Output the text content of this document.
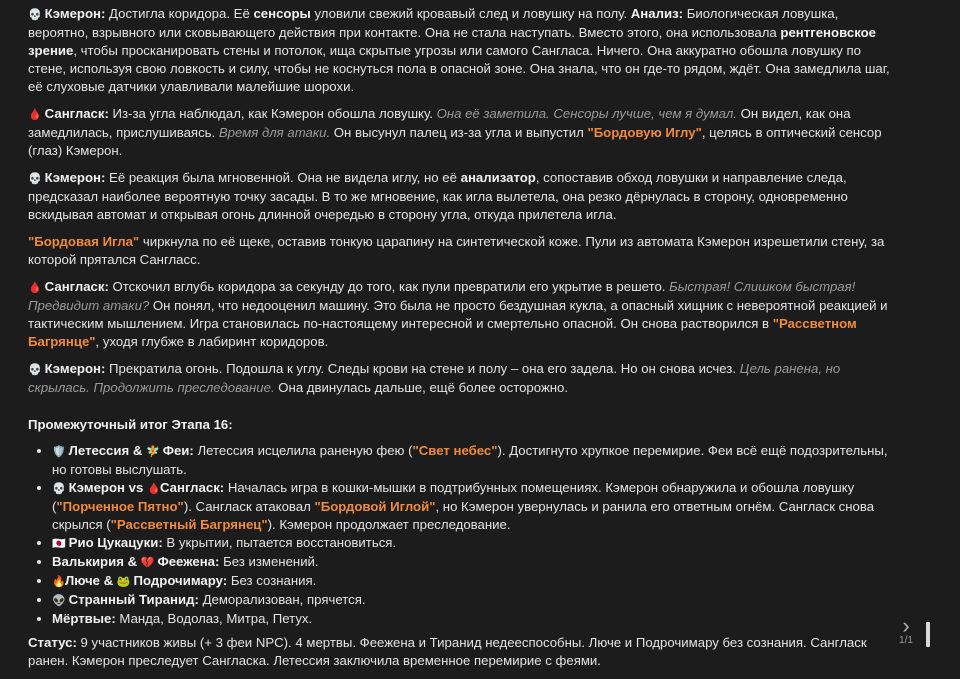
💀 Кэмерон: Достигла коридора. Её сенсоры уловили свежий кровавый след и ловушку на полу. Анализ: Биологическая ловушка, вероятно, взрывного или сковывающего действия при контакте. Она не стала наступать. Вместо этого, она использовала рентгеновское зрение, чтобы просканировать стены и потолок, ища скрытые угрозы или самого Сангласа. Ничего. Она аккуратно обошла ловушку по стене, используя свою ловкость и силу, чтобы не коснуться пола в опасной зоне. Она знала, что он где-то рядом, ждёт. Она замедлила шаг, её слуховые датчики улавливали малейшие шорохи.

🩸 Сангласк: Из-за угла наблюдал, как Кэмерон обошла ловушку. Она её заметила. Сенсоры лучше, чем я думал. Он видел, как она замедлилась, прислушиваясь. Время для атаки. Он высунул палец из-за угла и выпустил "Бордовую Иглу", целясь в оптический сенсор (глаз) Кэмерон.

💀 Кэмерон: Её реакция была мгновенной. Она не видела иглу, но её анализатор, сопоставив обход ловушки и направление следа, предсказал наиболее вероятную точку засады. В то же мгновение, как игла вылетела, она резко дёрнулась в сторону, одновременно вскидывая автомат и открывая огонь длинной очередью в сторону угла, откуда прилетела игла.

"Бордовая Игла" чиркнула по её щеке, оставив тонкую царапину на синтетической коже. Пули из автомата Кэмерон изрешетили стену, за которой прятался Сангласс.

🩸 Сангласк: Отскочил вглубь коридора за секунду до того, как пули превратили его укрытие в решето. Быстрая! Слишком быстрая! Предвидит атаки? Он понял, что недооценил машину. Это была не просто бездушная кукла, а опасный хищник с невероятной реакцией и тактическим мышлением. Игра становилась по-настоящему интересной и смертельно опасной. Он снова растворился в "Рассветном Багрянце", уходя глубже в лабиринт коридоров.

💀 Кэмерон: Прекратила огонь. Подошла к углу. Следы крови на стене и полу – она его задела. Но он снова исчез. Цель ранена, но скрылась. Продолжить преследование. Она двинулась дальше, ещё более осторожно.

Промежуточный итог Этапа 16:
• 🛡️ Летессия & 🧚 Феи: Летессия исцелила раненую фею ("Свет небес"). Достигнуто хрупкое перемирие. Феи всё ещё подозрительны, но готовы выслушать.
• 💀 Кэмерон vs 🩸Сангласк: Началась игра в кошки-мышки в подтрибунных помещениях. Кэмерон обнаружила и обошла ловушку ("Порченное Пятно"). Сангласк атаковал "Бордовой Иглой", но Кэмерон увернулась и ранила его ответным огнём. Сангласк снова скрылся ("Рассветный Багрянец"). Кэмерон продолжает преследование.
• 🇯🇵 Рио Цукацуки: В укрытии, пытается восстановиться.
• Валькирия & 💔 Феежена: Без изменений.
• 🔥Люче & 🐸 Подрочимару: Без сознания.
• 👽 Странный Тиранид: Деморализован, прячется.
• Мёртвые: Манда, Водолаз, Митра, Петух.

Статус: 9 участников живы (+ 3 феи NPC). 4 мертвы. Феежена и Тиранид недееспособны. Люче и Подрочимару без сознания. Сангласк ранен. Кэмерон преследует Сангласка. Летессия заключила временное перемирие с феями.

›
1/1
